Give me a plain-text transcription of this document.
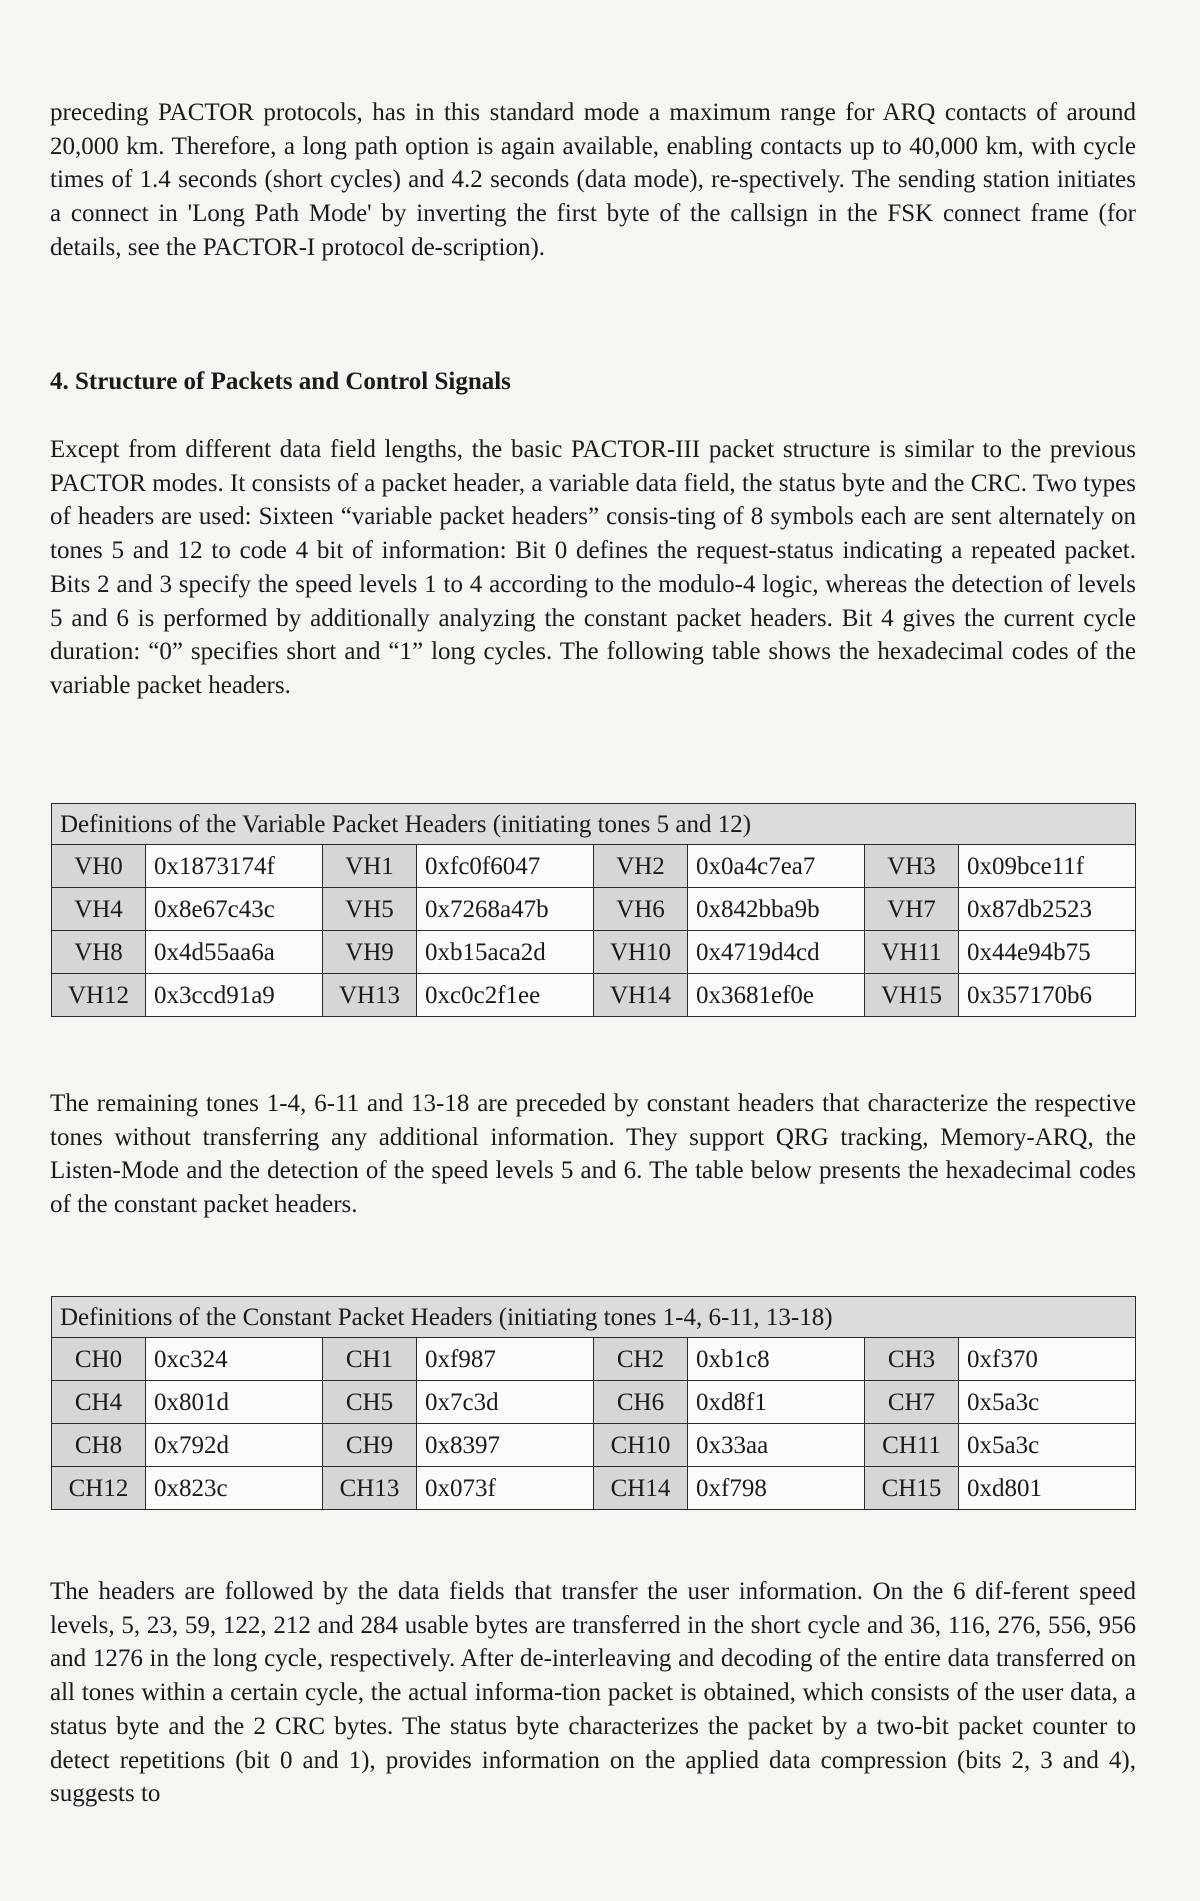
preceding PACTOR protocols, has in this standard mode a maximum range for ARQ contacts of around 20,000 km. Therefore, a long path option is again available, enabling contacts up to 40,000 km, with cycle times of 1.4 seconds (short cycles) and 4.2 seconds (data mode), re-spectively. The sending station initiates a connect in 'Long Path Mode' by inverting the first byte of the callsign in the FSK connect frame (for details, see the PACTOR-I protocol de-scription).

4. Structure of Packets and Control Signals

Except from different data field lengths, the basic PACTOR-III packet structure is similar to the previous PACTOR modes. It consists of a packet header, a variable data field, the status byte and the CRC. Two types of headers are used: Sixteen “variable packet headers” consis-ting of 8 symbols each are sent alternately on tones 5 and 12 to code 4 bit of information: Bit 0 defines the request-status indicating a repeated packet. Bits 2 and 3 specify the speed levels 1 to 4 according to the modulo-4 logic, whereas the detection of levels 5 and 6 is performed by additionally analyzing the constant packet headers. Bit 4 gives the current cycle duration: “0” specifies short and “1” long cycles. The following table shows the hexadecimal codes of the variable packet headers.

The remaining tones 1-4, 6-11 and 13-18 are preceded by constant headers that characterize the respective tones without transferring any additional information. They support QRG tracking, Memory-ARQ, the Listen-Mode and the detection of the speed levels 5 and 6. The table below presents the hexadecimal codes of the constant packet headers.

The headers are followed by the data fields that transfer the user information. On the 6 dif-ferent speed levels, 5, 23, 59, 122, 212 and 284 usable bytes are transferred in the short cycle and 36, 116, 276, 556, 956 and 1276 in the long cycle, respectively. After de-interleaving and decoding of the entire data transferred on all tones within a certain cycle, the actual informa-tion packet is obtained, which consists of the user data, a status byte and the 2 CRC bytes. The status byte characterizes the packet by a two-bit packet counter to detect repetitions (bit 0 and 1), provides information on the applied data compression (bits 2, 3 and 4), suggests to

Definitions of the Variable Packet Headers (initiating tones 5 and 12)							
VH0	0x1873174f	VH1	0xfc0f6047	VH2	0x0a4c7ea7	VH3	0x09bce11f
VH4	0x8e67c43c	VH5	0x7268a47b	VH6	0x842bba9b	VH7	0x87db2523
VH8	0x4d55aa6a	VH9	0xb15aca2d	VH10	0x4719d4cd	VH11	0x44e94b75
VH12	0x3ccd91a9	VH13	0xc0c2f1ee	VH14	0x3681ef0e	VH15	0x357170b6
Definitions of the Constant Packet Headers (initiating tones 1-4, 6-11, 13-18)							
CH0	0xc324	CH1	0xf987	CH2	0xb1c8	CH3	0xf370
CH4	0x801d	CH5	0x7c3d	CH6	0xd8f1	CH7	0x5a3c
CH8	0x792d	CH9	0x8397	CH10	0x33aa	CH11	0x5a3c
CH12	0x823c	CH13	0x073f	CH14	0xf798	CH15	0xd801
